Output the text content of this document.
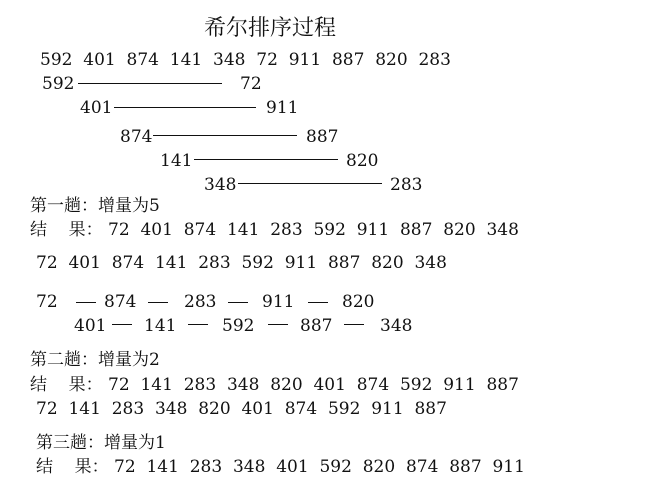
希尔排序过程
592  401  874  141  348  72  911  887  820  283
592	72
401	911
874	887
141	820
348	283
第一趟：增量为5
结    果： 72  401  874  141  283  592  911  887  820  348
72  401  874  141  283  592  911  887  820  348
72	874	283	911	820
401 141	592	887	348
第二趟：增量为2
结    果： 72  141  283  348  820  401  874  592  911  887
72  141  283  348  820  401  874  592  911  887
第三趟：增量为1
结    果： 72  141  283  348  401  592  820  874  887  911
